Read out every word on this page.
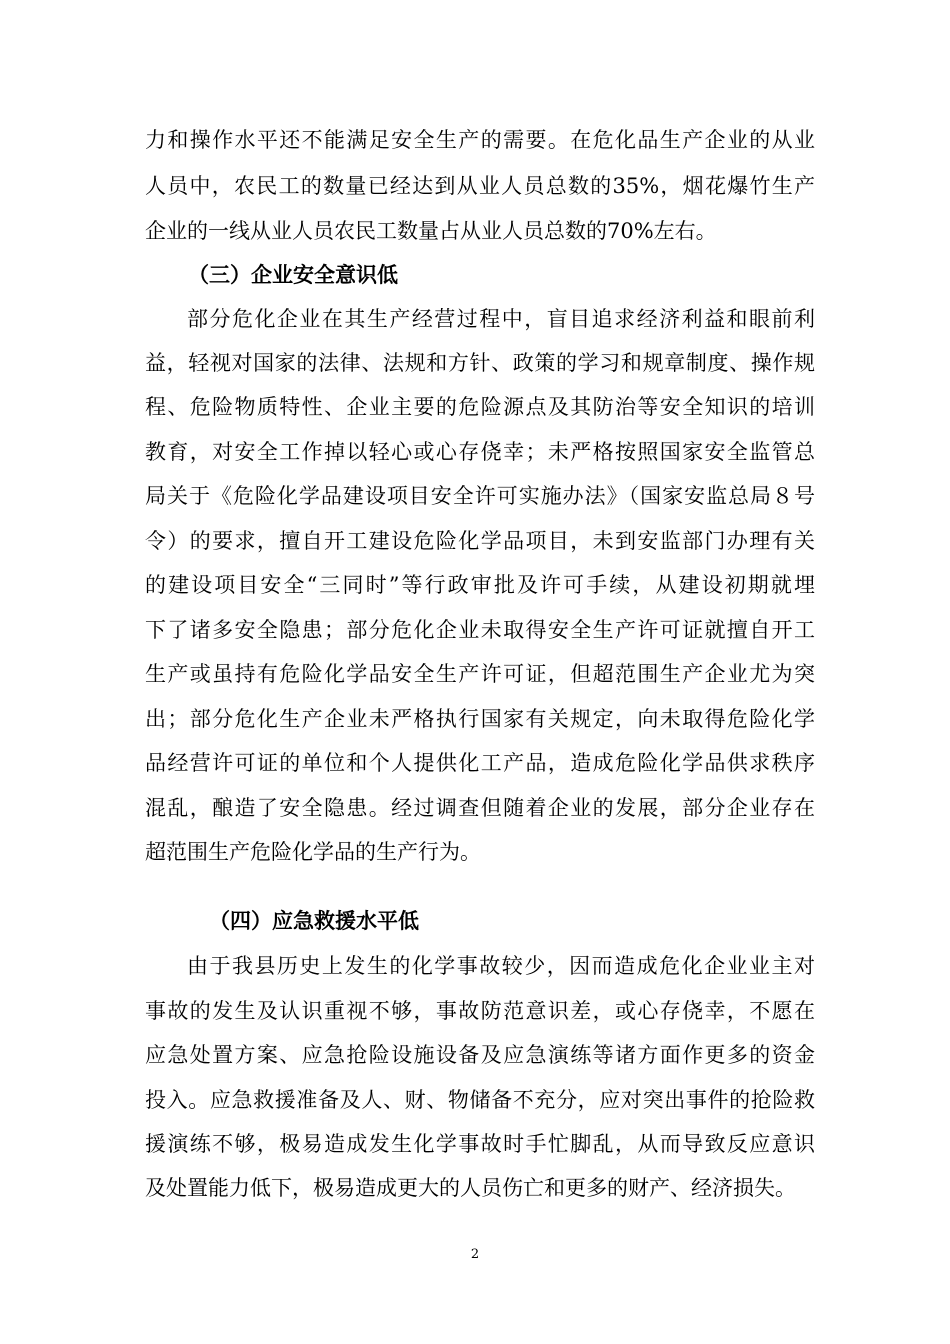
力和操作水平还不能满足安全生产的需要。在危化品生产企业的从业
人员中，农民工的数量已经达到从业人员总数的35%，烟花爆竹生产
企业的一线从业人员农民工数量占从业人员总数的70%左右。
（三）企业安全意识低
部分危化企业在其生产经营过程中，盲目追求经济利益和眼前利
益，轻视对国家的法律、法规和方针、政策的学习和规章制度、操作规
程、危险物质特性、企业主要的危险源点及其防治等安全知识的培训
教育，对安全工作掉以轻心或心存侥幸；未严格按照国家安全监管总
局关于《危险化学品建设项目安全许可实施办法》（国家安监总局８号
令）的要求，擅自开工建设危险化学品项目，未到安监部门办理有关
的建设项目安全“三同时”等行政审批及许可手续，从建设初期就埋
下了诸多安全隐患；部分危化企业未取得安全生产许可证就擅自开工
生产或虽持有危险化学品安全生产许可证，但超范围生产企业尤为突
出；部分危化生产企业未严格执行国家有关规定，向未取得危险化学
品经营许可证的单位和个人提供化工产品，造成危险化学品供求秩序
混乱，酿造了安全隐患。经过调查但随着企业的发展，部分企业存在
超范围生产危险化学品的生产行为。
（四）应急救援水平低
由于我县历史上发生的化学事故较少，因而造成危化企业业主对
事故的发生及认识重视不够，事故防范意识差，或心存侥幸，不愿在
应急处置方案、应急抢险设施设备及应急演练等诸方面作更多的资金
投入。应急救援准备及人、财、物储备不充分，应对突出事件的抢险救
援演练不够，极易造成发生化学事故时手忙脚乱，从而导致反应意识
及处置能力低下，极易造成更大的人员伤亡和更多的财产、经济损失。
2
